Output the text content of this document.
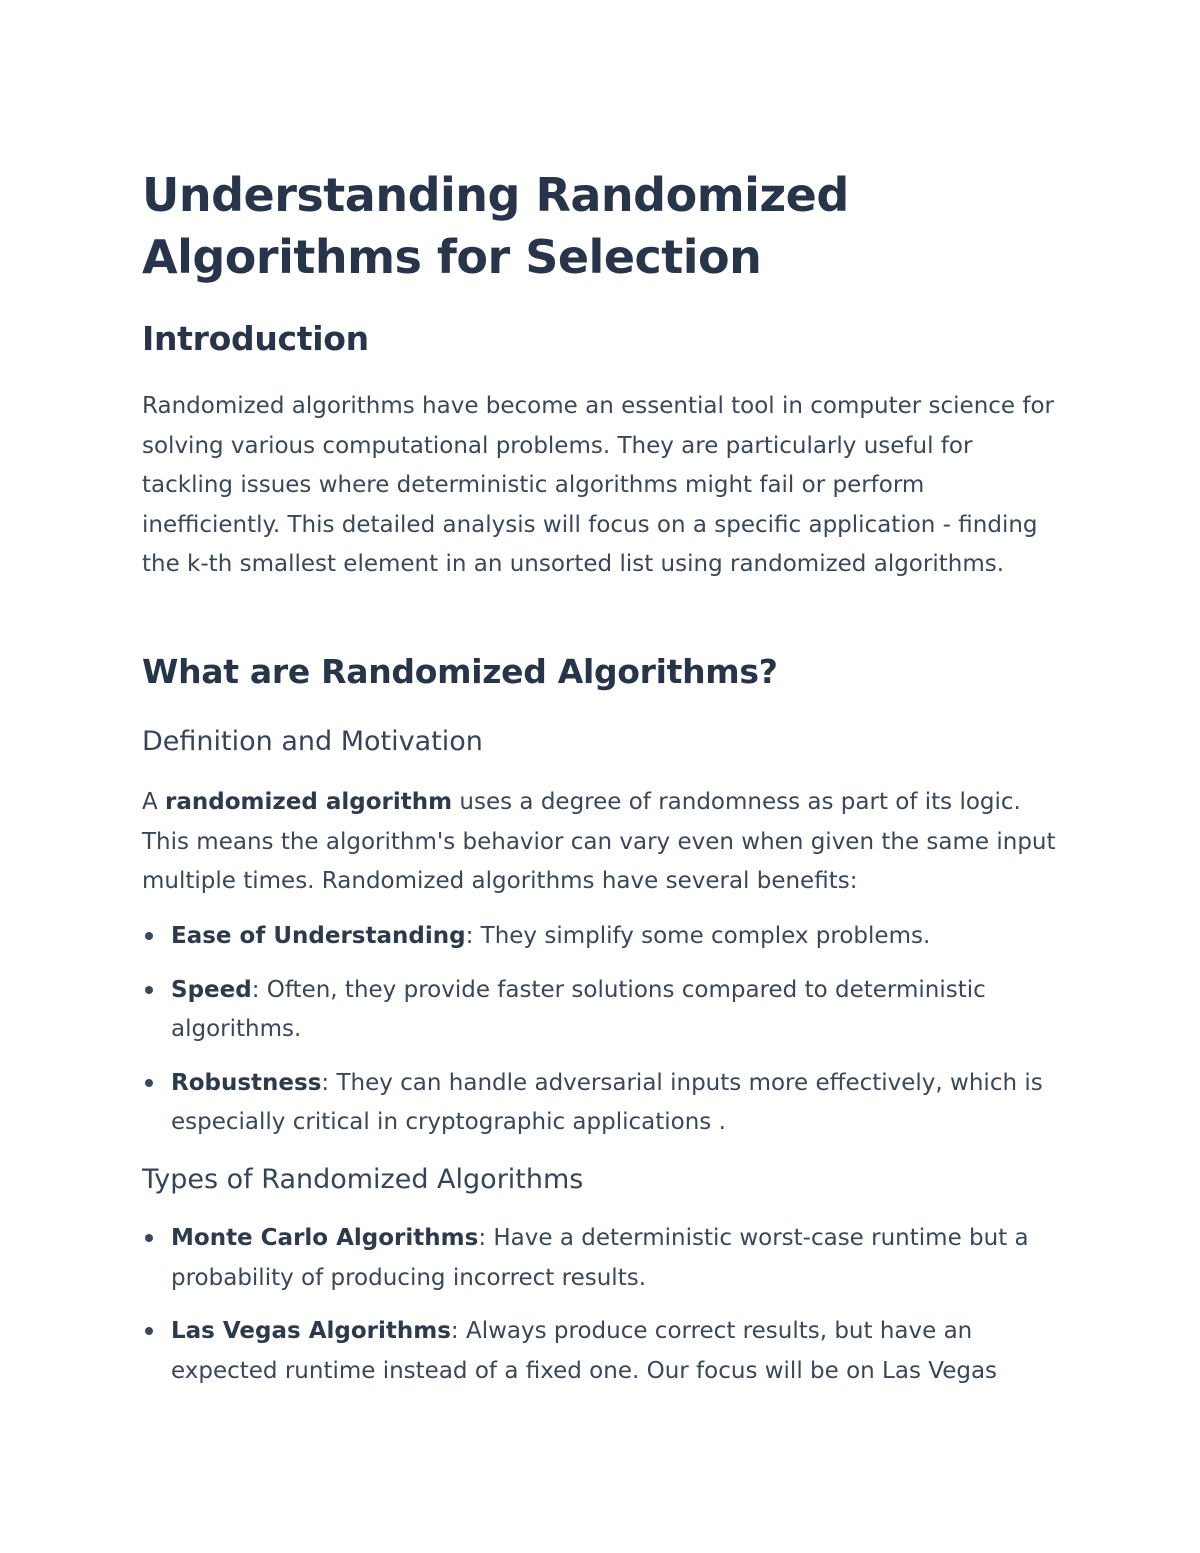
Understanding Randomized Algorithms for Selection
Introduction

Randomized algorithms have become an essential tool in computer science for solving various computational problems. They are particularly useful for tackling issues where deterministic algorithms might fail or perform inefficiently. This detailed analysis will focus on a specific application - finding the k-th smallest element in an unsorted list using randomized algorithms.

What are Randomized Algorithms?
Definition and Motivation

A randomized algorithm uses a degree of randomness as part of its logic. This means the algorithm's behavior can vary even when given the same input multiple times. Randomized algorithms have several benefits:

Ease of Understanding: They simplify some complex problems.
Speed: Often, they provide faster solutions compared to deterministic algorithms.
Robustness: They can handle adversarial inputs more effectively, which is especially critical in cryptographic applications .
Types of Randomized Algorithms
Monte Carlo Algorithms: Have a deterministic worst-case runtime but a probability of producing incorrect results.
Las Vegas Algorithms: Always produce correct results, but have an expected runtime instead of a fixed one. Our focus will be on Las Vegas
